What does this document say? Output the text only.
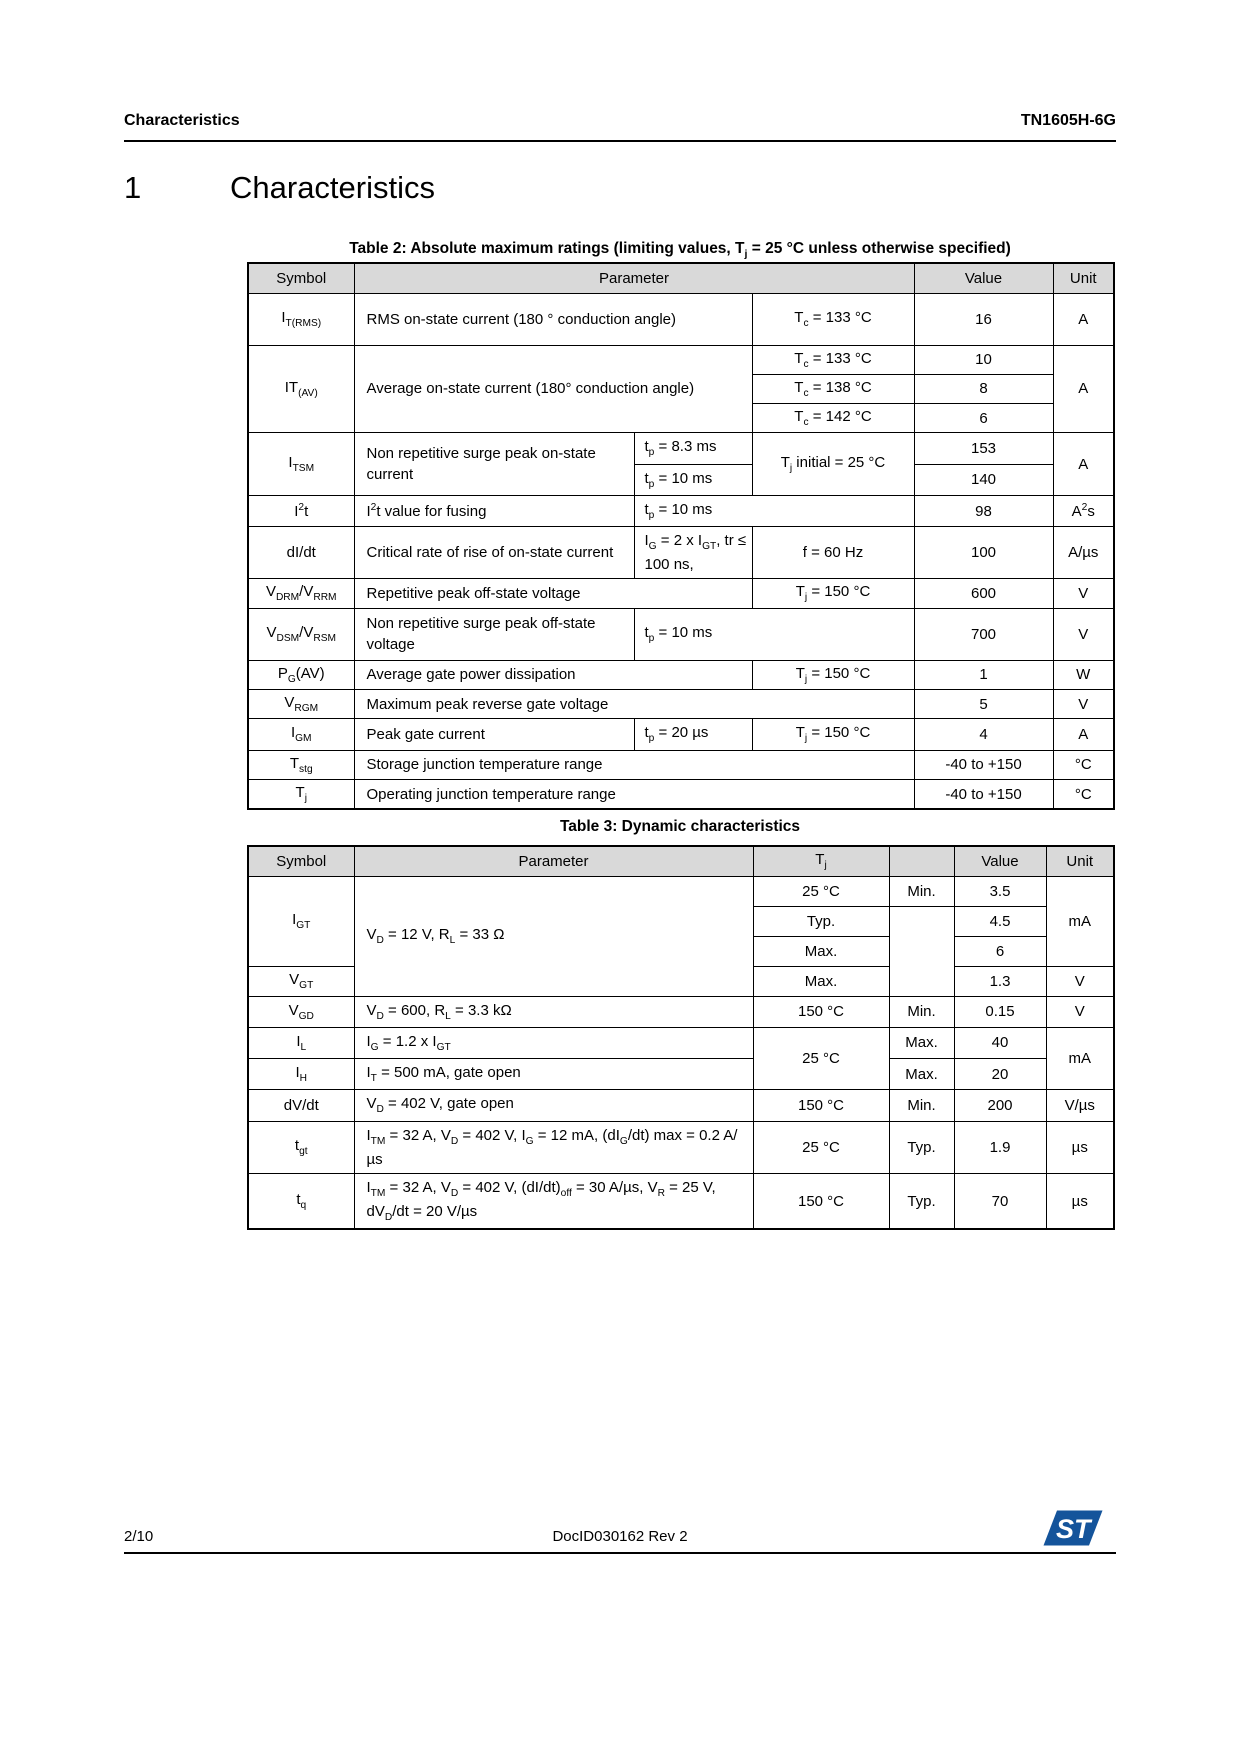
Characteristics	TN1605H-6G
1	Characteristics
Table 2: Absolute maximum ratings (limiting values, $T_j = 25$ °C unless otherwise specified)
Symbol	Parameter			Value	Unit
$I_{T(RMS)}$	RMS on-state current (180 ° conduction angle)		$T_c = 133$ °C	16	A
$IT_{(AV)}$	Average on-state current (180° conduction angle)		$T_c = 133$ °C	10	A
			$T_c = 138$ °C	8	
			$T_c = 142$ °C	6	
$I_{TSM}$	Non repetitive surge peak on-state current	$t_p = 8.3$ ms	$T_j$ initial = 25 °C	153	A
		$t_p = 10$ ms		140	
$I^2t$	$I^2t$ value for fusing	$t_p = 10$ ms		98	$A^2s$
dI/dt	Critical rate of rise of on-state current	$I_G = 2$ x $I_{GT}$, tr ≤ 100 ns,	f = 60 Hz	100	A/µs
$V_{DRM}/V_{RRM}$	Repetitive peak off-state voltage		$T_j = 150$ °C	600	V
$V_{DSM}/V_{RSM}$	Non repetitive surge peak off-state voltage	$t_p = 10$ ms		700	V
$P_G(AV)$	Average gate power dissipation		$T_j = 150$ °C	1	W
$V_{RGM}$	Maximum peak reverse gate voltage			5	V
$I_{GM}$	Peak gate current	$t_p = 20$ µs	$T_j = 150$ °C	4	A
$T_{stg}$	Storage junction temperature range			-40 to +150	°C
$T_j$	Operating junction temperature range			-40 to +150	°C
Table 3: Dynamic characteristics
Symbol	Parameter	$T_j$		Value	Unit
$I_{GT}$	$V_D = 12$ V, $R_L = 33$ Ω	25 °C	Min.	3.5	mA
		Typ.		4.5	
		Max.		6	
$V_{GT}$		Max.		1.3	V
$V_{GD}$	$V_D = 600$, $R_L = 3.3$ kΩ	150 °C	Min.	0.15	V
$I_L$	$I_G = 1.2$ x $I_{GT}$	25 °C	Max.	40	mA
$I_H$	$I_T = 500$ mA, gate open		Max.	20	
dV/dt	$V_D = 402$ V, gate open	150 °C	Min.	200	V/µs
$t_{gt}$	$I_{TM} = 32$ A, $V_D = 402$ V, $I_G = 12$ mA, $(dI_G/dt) \max = 0.2$ A/µs	25 °C	Typ.	1.9	µs
$t_q$	$I_{TM} = 32$ A, $V_D = 402$ V, $(dI/dt)_{off} = 30$ A/µs, $V_R = 25$ V, $dV_D/dt = 20$ V/µs	150 °C	Typ.	70	µs
2/10	DocID030162 Rev 2	ST
